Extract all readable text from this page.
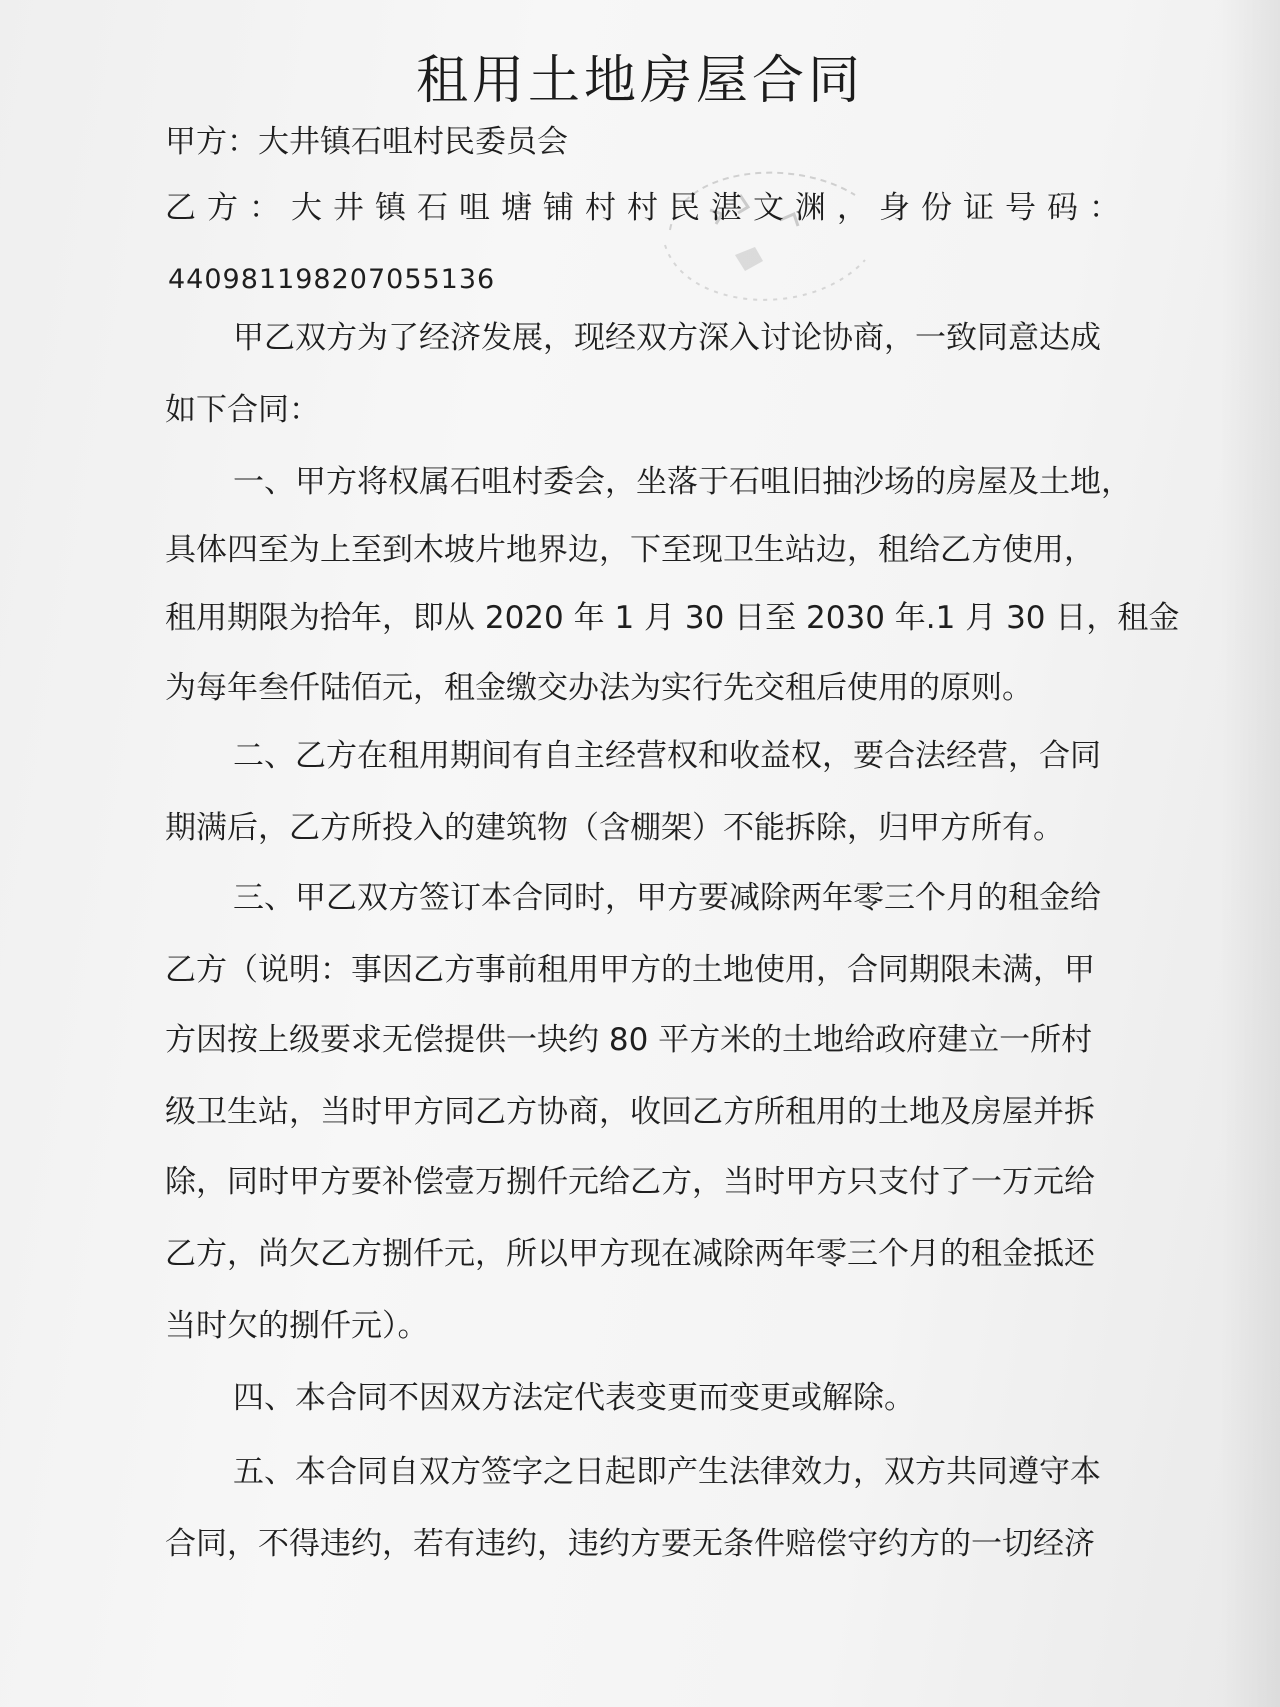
租用土地房屋合同
甲方：大井镇石咀村民委员会
乙方：大井镇石咀塘铺村村民湛文渊，身份证号码：
440981198207055136
甲乙双方为了经济发展，现经双方深入讨论协商，一致同意达成
如下合同：
一、甲方将权属石咀村委会，坐落于石咀旧抽沙场的房屋及土地，
具体四至为上至到木坡片地界边，下至现卫生站边，租给乙方使用，
租用期限为拾年，即从 2020 年 1 月 30 日至 2030 年.1 月 30 日，租金
为每年叁仟陆佰元，租金缴交办法为实行先交租后使用的原则。
二、乙方在租用期间有自主经营权和收益权，要合法经营，合同
期满后，乙方所投入的建筑物（含棚架）不能拆除，归甲方所有。
三、甲乙双方签订本合同时，甲方要减除两年零三个月的租金给
乙方（说明：事因乙方事前租用甲方的土地使用，合同期限未满，甲
方因按上级要求无偿提供一块约 80 平方米的土地给政府建立一所村
级卫生站，当时甲方同乙方协商，收回乙方所租用的土地及房屋并拆
除，同时甲方要补偿壹万捌仟元给乙方，当时甲方只支付了一万元给
乙方，尚欠乙方捌仟元，所以甲方现在减除两年零三个月的租金抵还
当时欠的捌仟元）。
四、本合同不因双方法定代表变更而变更或解除。
五、本合同自双方签字之日起即产生法律效力，双方共同遵守本
合同，不得违约，若有违约，违约方要无条件赔偿守约方的一切经济
